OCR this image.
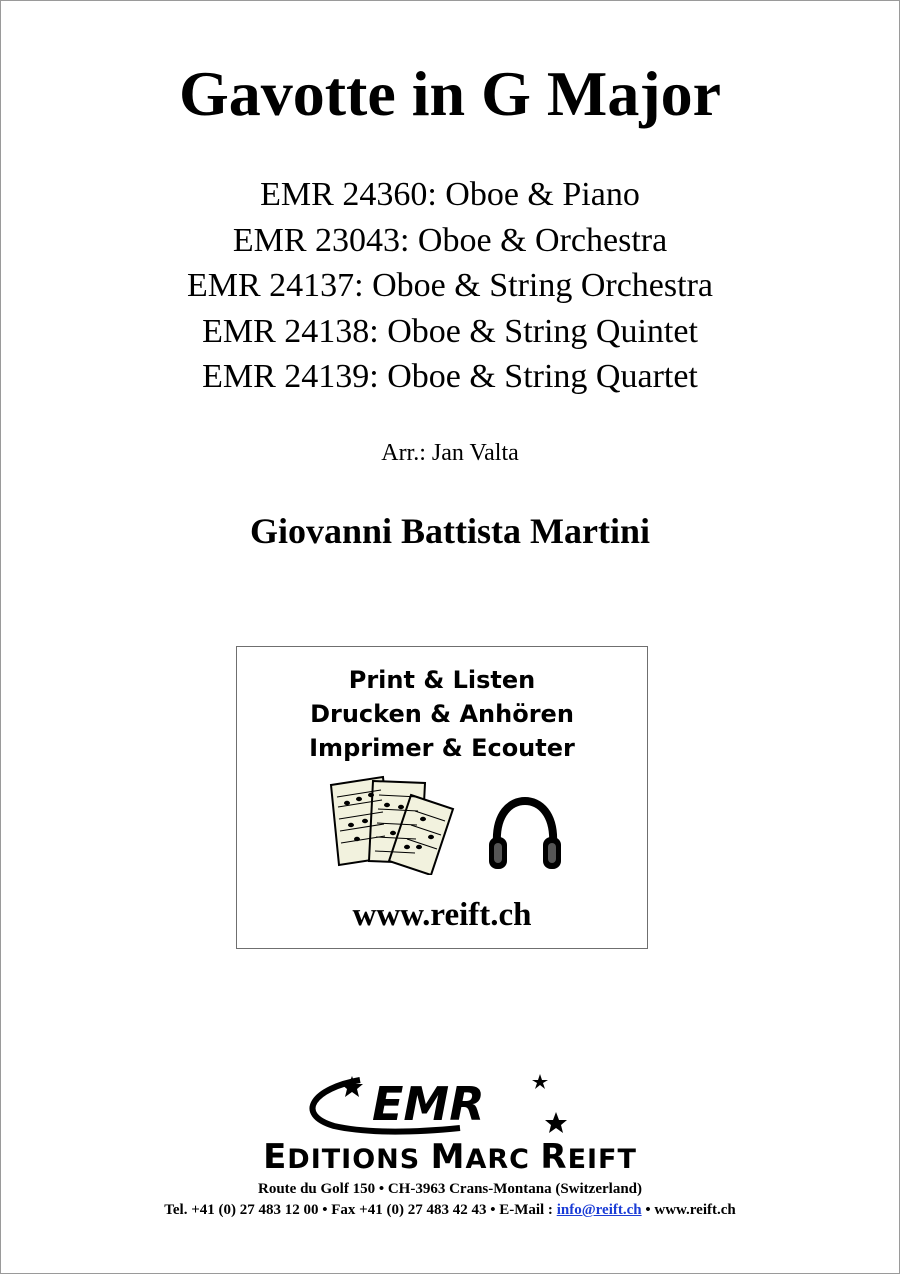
Gavotte in G Major
EMR 24360: Oboe & Piano
EMR 23043: Oboe & Orchestra
EMR 24137: Oboe & String Orchestra
EMR 24138: Oboe & String Quintet
EMR 24139: Oboe & String Quartet
Arr.: Jan Valta
Giovanni Battista Martini
Print & Listen
Drucken & Anhören
Imprimer & Ecouter
www.reift.ch
EMR
EDITIONS MARC REIFT
Route du Golf 150 • CH-3963 Crans-Montana (Switzerland)
Tel. +41 (0) 27 483 12 00 • Fax +41 (0) 27 483 42 43 • E-Mail : info@reift.ch • www.reift.ch
